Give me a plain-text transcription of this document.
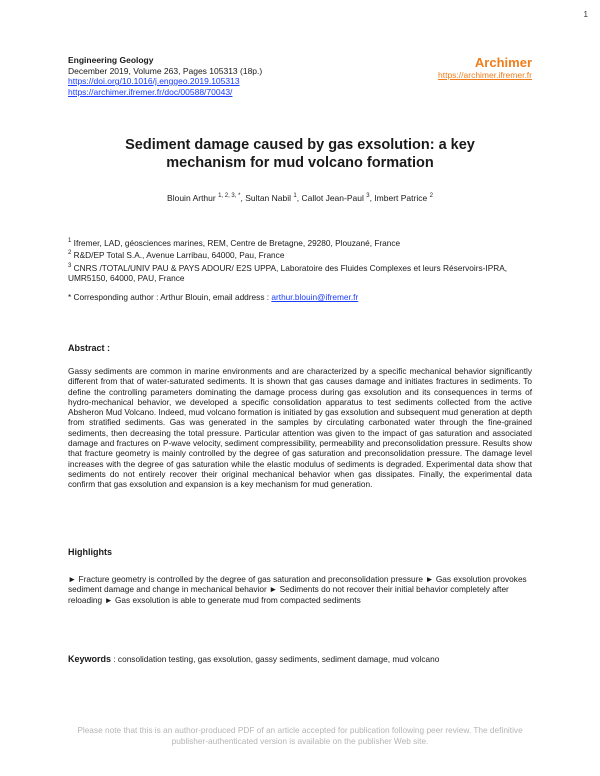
1
Engineering Geology
December 2019, Volume 263, Pages 105313 (18p.)
https://doi.org/10.1016/j.enggeo.2019.105313
https://archimer.ifremer.fr/doc/00588/70043/
Archimer
https://archimer.ifremer.fr
Sediment damage caused by gas exsolution: a key
mechanism for mud volcano formation
Blouin Arthur $^{1, 2, 3, *}$, Sultan Nabil $^1$, Callot Jean-Paul $^3$, Imbert Patrice $^2$
$^1$ Ifremer, LAD, géosciences marines, REM, Centre de Bretagne, 29280, Plouzané, France
$^2$ R&D/EP Total S.A., Avenue Larribau, 64000, Pau, France
$^3$ CNRS /TOTAL/UNIV PAU & PAYS ADOUR/ E2S UPPA, Laboratoire des Fluides Complexes et leurs Réservoirs-IPRA, UMR5150, 64000, PAU, France
* Corresponding author : Arthur Blouin, email address : arthur.blouin@ifremer.fr
Abstract :
Gassy sediments are common in marine environments and are characterized by a specific mechanical behavior significantly different from that of water-saturated sediments. It is shown that gas causes damage and initiates fractures in sediments. To define the controlling parameters dominating the damage process during gas exsolution and its consequences in terms of hydro-mechanical behavior, we developed a specific consolidation apparatus to test sediments collected from the active Absheron Mud Volcano. Indeed, mud volcano formation is initiated by gas exsolution and subsequent mud generation at depth from stratified sediments. Gas was generated in the samples by circulating carbonated water through the fine-grained sediments, then decreasing the total pressure. Particular attention was given to the impact of gas saturation and associated damage and fractures on P-wave velocity, sediment compressibility, permeability and preconsolidation pressure. Results show that fracture geometry is mainly controlled by the degree of gas saturation and preconsolidation pressure. The damage level increases with the degree of gas saturation while the elastic modulus of sediments is degraded. Experimental data show that sediments do not entirely recover their original mechanical behavior when gas dissipates. Finally, the experimental data confirm that gas exsolution and expansion is a key mechanism for mud generation.
Highlights
► Fracture geometry is controlled by the degree of gas saturation and preconsolidation pressure ► Gas exsolution provokes sediment damage and change in mechanical behavior ► Sediments do not recover their initial behavior completely after reloading ► Gas exsolution is able to generate mud from compacted sediments
Keywords : consolidation testing, gas exsolution, gassy sediments, sediment damage, mud volcano
Please note that this is an author-produced PDF of an article accepted for publication following peer review. The definitive
publisher-authenticated version is available on the publisher Web site.
